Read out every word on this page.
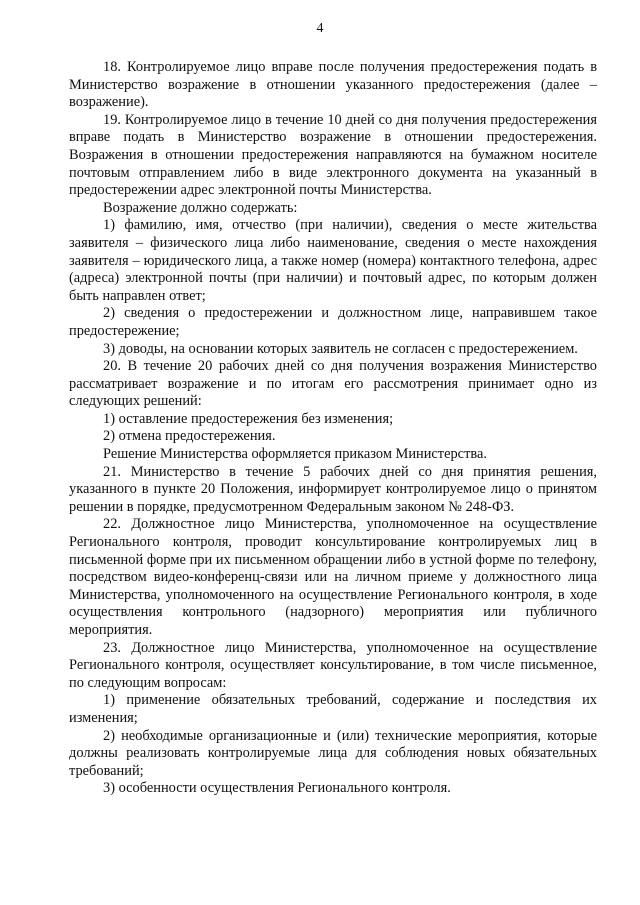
4

18. Контролируемое лицо вправе после получения предостережения подать в Министерство возражение в отношении указанного предостережения (далее – возражение).

19. Контролируемое лицо в течение 10 дней со дня получения предостережения вправе подать в Министерство возражение в отношении предостережения. Возражения в отношении предостережения направляются на бумажном носителе почтовым отправлением либо в виде электронного документа на указанный в предостережении адрес электронной почты Министерства.

Возражение должно содержать:

1) фамилию, имя, отчество (при наличии), сведения о месте жительства заявителя – физического лица либо наименование, сведения о месте нахождения заявителя – юридического лица, а также номер (номера) контактного телефона, адрес (адреса) электронной почты (при наличии) и почтовый адрес, по которым должен быть направлен ответ;

2) сведения о предостережении и должностном лице, направившем такое предостережение;

3) доводы, на основании которых заявитель не согласен с предостережением.

20. В течение 20 рабочих дней со дня получения возражения Министерство рассматривает возражение и по итогам его рассмотрения принимает одно из следующих решений:

1) оставление предостережения без изменения;

2) отмена предостережения.

Решение Министерства оформляется приказом Министерства.

21. Министерство в течение 5 рабочих дней со дня принятия решения, указанного в пункте 20 Положения, информирует контролируемое лицо о принятом решении в порядке, предусмотренном Федеральным законом № 248-ФЗ.

22. Должностное лицо Министерства, уполномоченное на осуществление Регионального контроля, проводит консультирование контролируемых лиц в письменной форме при их письменном обращении либо в устной форме по телефону, посредством видео-конференц-связи или на личном приеме у должностного лица Министерства, уполномоченного на осуществление Регионального контроля, в ходе осуществления контрольного (надзорного) мероприятия или публичного мероприятия.

23. Должностное лицо Министерства, уполномоченное на осуществление Регионального контроля, осуществляет консультирование, в том числе письменное, по следующим вопросам:

1) применение обязательных требований, содержание и последствия их изменения;

2) необходимые организационные и (или) технические мероприятия, которые должны реализовать контролируемые лица для соблюдения новых обязательных требований;

3) особенности осуществления Регионального контроля.
